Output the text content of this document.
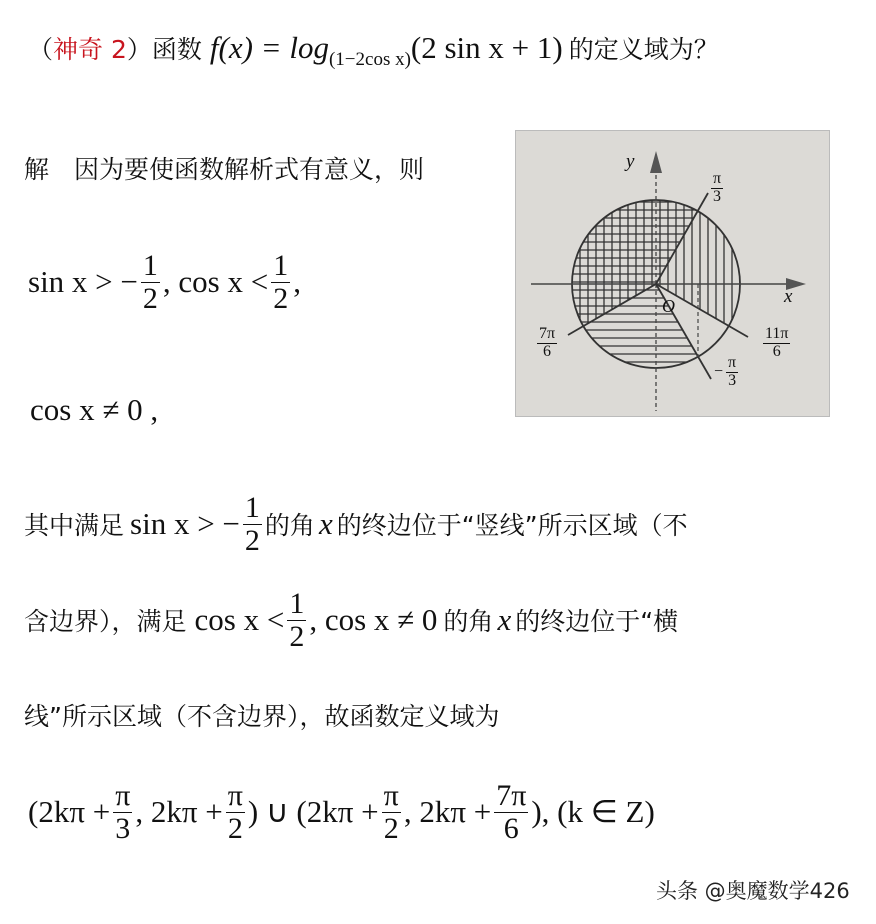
（ 神奇 2 ） 函数 f(x) = log (1−2cos x) (2 sin x + 1) 的定义域为？
解　因为要使函数解析式有意义，则
sin x > − $\frac{1}{2}$ , $\cos x < \frac{1}{2}$ ,
cos x ≠ 0 ,
y
x
O
$\frac{\pi}{3}$
$\frac{7\pi}{6}$	$\frac{11\pi}{6}$
− $\frac{\pi}{3}$
其中满足 sin x > − $\frac{1}{2}$ 的角 x 的终边位于“竖线”所示区域（不
含边界），满足 $\cos x < \frac{1}{2}$ , cos x ≠ 0 的角 x 的终边位于“横
线”所示区域（不含边界），故函数定义域为
($2k\pi + \frac{\pi}{3}$ , $2k\pi + \frac{\pi}{2}$ ) ∪ ($2k\pi + \frac{\pi}{2}$ , $2k\pi + \frac{7\pi}{6}$ ), (k ∈ Z)
头条 @奥魔数学426
